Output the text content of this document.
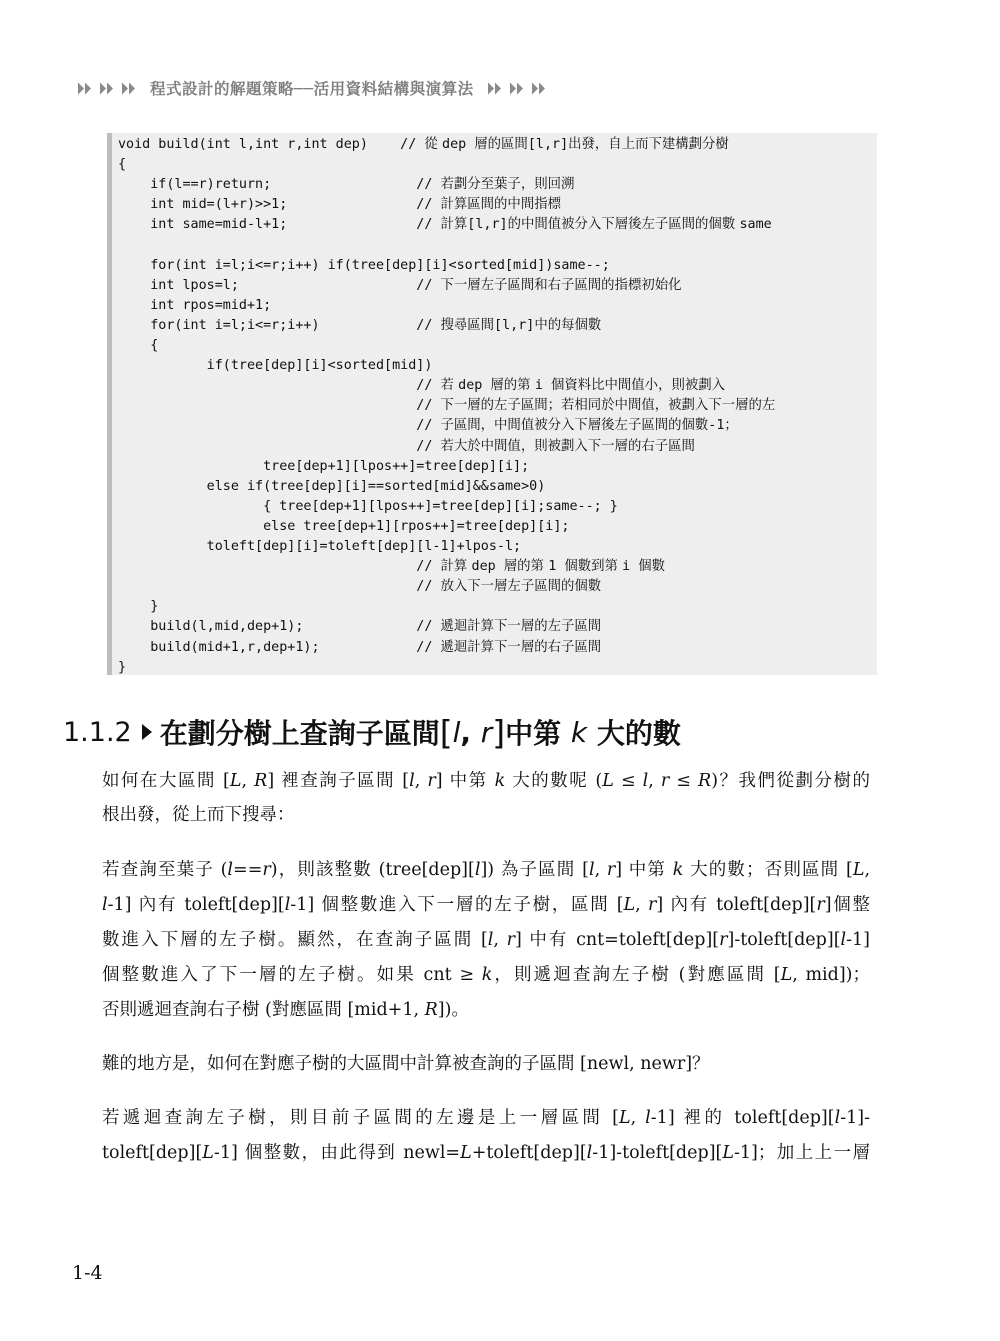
程式設計的解題策略──活用資料結構與演算法
void build(int l,int r,int dep)    // 從 dep 層的區間[l,r]出發，自上而下建構劃分樹
{
if(l==r)return;                  // 若劃分至葉子，則回溯
int mid=(l+r)>>1;                // 計算區間的中間指標
int same=mid-l+1;                // 計算[l,r]的中間值被分入下層後左子區間的個數 same
for(int i=l;i<=r;i++) if(tree[dep][i]<sorted[mid])same--;
int lpos=l;                      // 下一層左子區間和右子區間的指標初始化
int rpos=mid+1;
for(int i=l;i<=r;i++)            // 搜尋區間[l,r]中的每個數
{
if(tree[dep][i]<sorted[mid])
// 若 dep 層的第 i 個資料比中間值小，則被劃入
// 下一層的左子區間；若相同於中間值，被劃入下一層的左
// 子區間，中間值被分入下層後左子區間的個數-1；
// 若大於中間值，則被劃入下一層的右子區間
tree[dep+1][lpos++]=tree[dep][i];
else if(tree[dep][i]==sorted[mid]&&same>0)
{ tree[dep+1][lpos++]=tree[dep][i];same--; }
else tree[dep+1][rpos++]=tree[dep][i];
toleft[dep][i]=toleft[dep][l-1]+lpos-l;
// 計算 dep 層的第 1 個數到第 i 個數
// 放入下一層左子區間的個數
}
build(l,mid,dep+1);              // 遞迴計算下一層的左子區間
build(mid+1,r,dep+1);            // 遞迴計算下一層的右子區間
}
1.1.2 在劃分樹上查詢子區間 [ l , r ] 中第 k 大的數
如何在大區間 [L, R] 裡查詢子區間 [l, r] 中第 k 大的數呢 (L ≤ l, r ≤ R)？我們從劃分樹的
根出發，從上而下搜尋：
若查詢至葉子 (l==r)，則該整數 (tree[dep][l]) 為子區間 [l, r] 中第 k 大的數；否則區間 [L,
l-1] 內有 toleft[dep][l-1] 個整數進入下一層的左子樹，區間 [L, r] 內有 toleft[dep][r]個整
數進入下層的左子樹。顯然，在查詢子區間 [l, r] 中有 cnt=toleft[dep][r]-toleft[dep][l-1]
個整數進入了下一層的左子樹。如果 cnt ≥ k，則遞迴查詢左子樹 (對應區間 [L, mid])；
否則遞迴查詢右子樹 (對應區間 [mid+1, R])。
難的地方是，如何在對應子樹的大區間中計算被查詢的子區間 [newl, newr]？
若遞迴查詢左子樹，則目前子區間的左邊是上一層區間 [L, l-1] 裡的 toleft[dep][l-1]-
toleft[dep][L-1] 個整數，由此得到 newl=L+toleft[dep][l-1]-toleft[dep][L-1]；加上上一層
1-4
